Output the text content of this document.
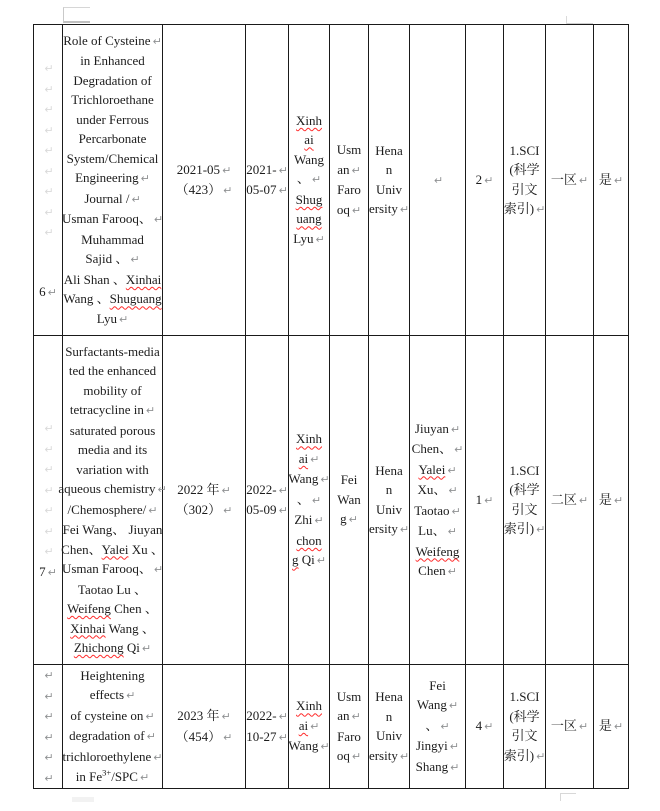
↵
↵
↵
↵
↵
↵
↵
↵
↵
6 ↵

Role of Cysteine ↵
in Enhanced
Degradation of
Trichloroethane
under Ferrous
Percarbonate
System/Chemical
Engineering ↵
Journal / ↵
Usman Farooq、 ↵
Muhammad
Sajid 、 ↵
Ali Shan 、Xinhai
Wang 、Shuguang
Lyu ↵

2021-05 ↵
（423） ↵

2021- ↵
05-07 ↵

Xinh
ai
Wang
、 ↵
Shug
uang
Lyu ↵

Usm
an ↵
Faro
oq ↵

Hena
n
Univ
ersity ↵

↵	2 ↵

1.SCI
(科学
引文
索引) ↵

一区 ↵	是 ↵

↵
↵
↵
↵
↵
↵
↵
7 ↵

Surfactants-media
ted the enhanced
mobility of
tetracycline in ↵
saturated porous
media and its
variation with
aqueous chemistry ↵
/Chemosphere/ ↵
Fei Wang、 Jiuyan
Chen、Yalei Xu 、
Usman Farooq、 ↵
Taotao Lu 、
Weifeng Chen 、
Xinhai Wang 、
Zhichong Qi ↵

2022 年 ↵
（302） ↵

2022- ↵
05-09 ↵

Xinh
ai ↵
Wang ↵
、 ↵
Zhi ↵
chon
g Qi ↵

Fei
Wan
g ↵

Hena
n
Univ
ersity ↵

Jiuyan ↵
Chen、 ↵
Yalei ↵
Xu、 ↵
Taotao ↵
Lu、 ↵
Weifeng
Chen ↵

1 ↵

1.SCI
(科学
引文
索引) ↵

二区 ↵	是 ↵

↵
↵
↵
↵
↵
↵

Heightening
effects ↵
of cysteine on ↵
degradation of ↵
trichloroethylene ↵
in $Fe^{3+}$/SPC ↵

2023 年 ↵
（454） ↵

2022- ↵
10-27 ↵

Xinh
ai ↵
Wang ↵

Usm
an ↵
Faro
oq ↵

Hena
n
Univ
ersity ↵

Fei
Wang ↵
、 ↵
Jingyi ↵
Shang ↵

4 ↵

1.SCI
(科学
引文
索引) ↵

一区 ↵	是 ↵
